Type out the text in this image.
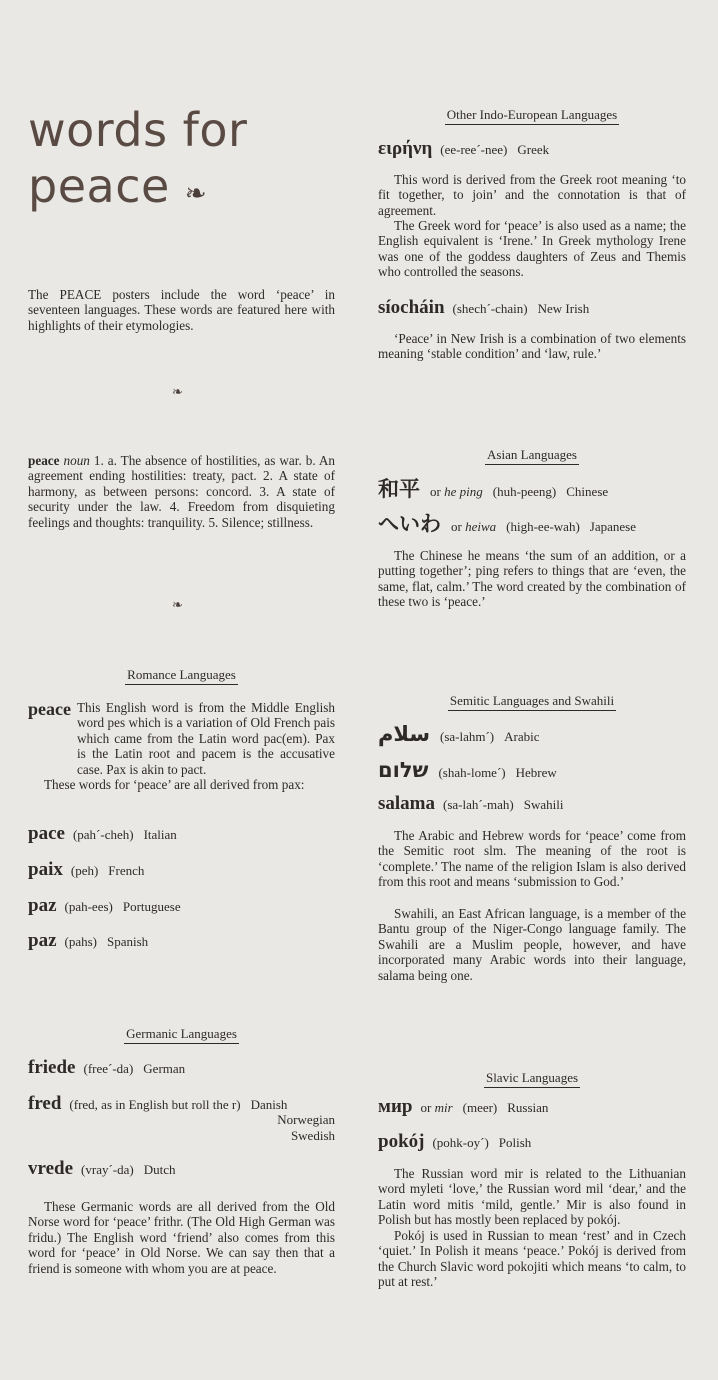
words for
peace ❧

The PEACE posters include the word ‘peace’ in seventeen languages. These words are featured here with highlights of their etymologies.

❧

peace noun 1. a. The absence of hostilities, as war. b. An agreement ending hostilities: treaty, pact. 2. A state of harmony, as between persons: concord. 3. A state of security under the law. 4. Freedom from disquieting feelings and thoughts: tranquility. 5. Silence; stillness.

❧
Romance Languages
peace This English word is from the Middle English word pes which is a variation of Old French pais which came from the Latin word pac(em). Pax is the Latin root and pacem is the accusative case. Pax is akin to pact.

These words for ‘peace’ are all derived from pax:

pace (pah´-cheh) Italian
paix (peh) French
paz (pah-ees) Portuguese
paz (pahs) Spanish
Germanic Languages
friede (free´-da) German
fred (fred, as in English but roll the r) Danish
Norwegian
Swedish
vrede (vray´-da) Dutch

These Germanic words are all derived from the Old Norse word for ‘peace’ frithr. (The Old High German was fridu.) The English word ‘friend’ also comes from this word for ‘peace’ in Old Norse. We can say then that a friend is someone with whom you are at peace.

Other Indo-European Languages
ειρήνη (ee-ree´-nee) Greek

This word is derived from the Greek root meaning ‘to fit together, to join’ and the connotation is that of agreement.

The Greek word for ‘peace’ is also used as a name; the English equivalent is ‘Irene.’ In Greek mythology Irene was one of the goddess daughters of Zeus and Themis who controlled the seasons.

síocháin (shech´-chain) New Irish

‘Peace’ in New Irish is a combination of two elements meaning ‘stable condition’ and ‘law, rule.’

Asian Languages
和平 or he ping (huh-peeng) Chinese
へいわ or heiwa (high-ee-wah) Japanese

The Chinese he means ‘the sum of an addition, or a putting together’; ping refers to things that are ‘even, the same, flat, calm.’ The word created by the combination of these two is ‘peace.’

Semitic Languages and Swahili
سلام (sa-lahm´) Arabic
שלום (shah-lome´) Hebrew
salama (sa-lah´-mah) Swahili

The Arabic and Hebrew words for ‘peace’ come from the Semitic root slm. The meaning of the root is ‘complete.’ The name of the religion Islam is also derived from this root and means ‘submission to God.’

Swahili, an East African language, is a member of the Bantu group of the Niger-Congo language family. The Swahili are a Muslim people, however, and have incorporated many Arabic words into their language, salama being one.

Slavic Languages
мир or mir (meer) Russian
pokój (pohk-oy´) Polish

The Russian word mir is related to the Lithuanian word myleti ‘love,’ the Russian word mil ‘dear,’ and the Latin word mitis ‘mild, gentle.’ Mir is also found in Polish but has mostly been replaced by pokój.

Pokój is used in Russian to mean ‘rest’ and in Czech ‘quiet.’ In Polish it means ‘peace.’ Pokój is derived from the Church Slavic word pokojiti which means ‘to calm, to put at rest.’
